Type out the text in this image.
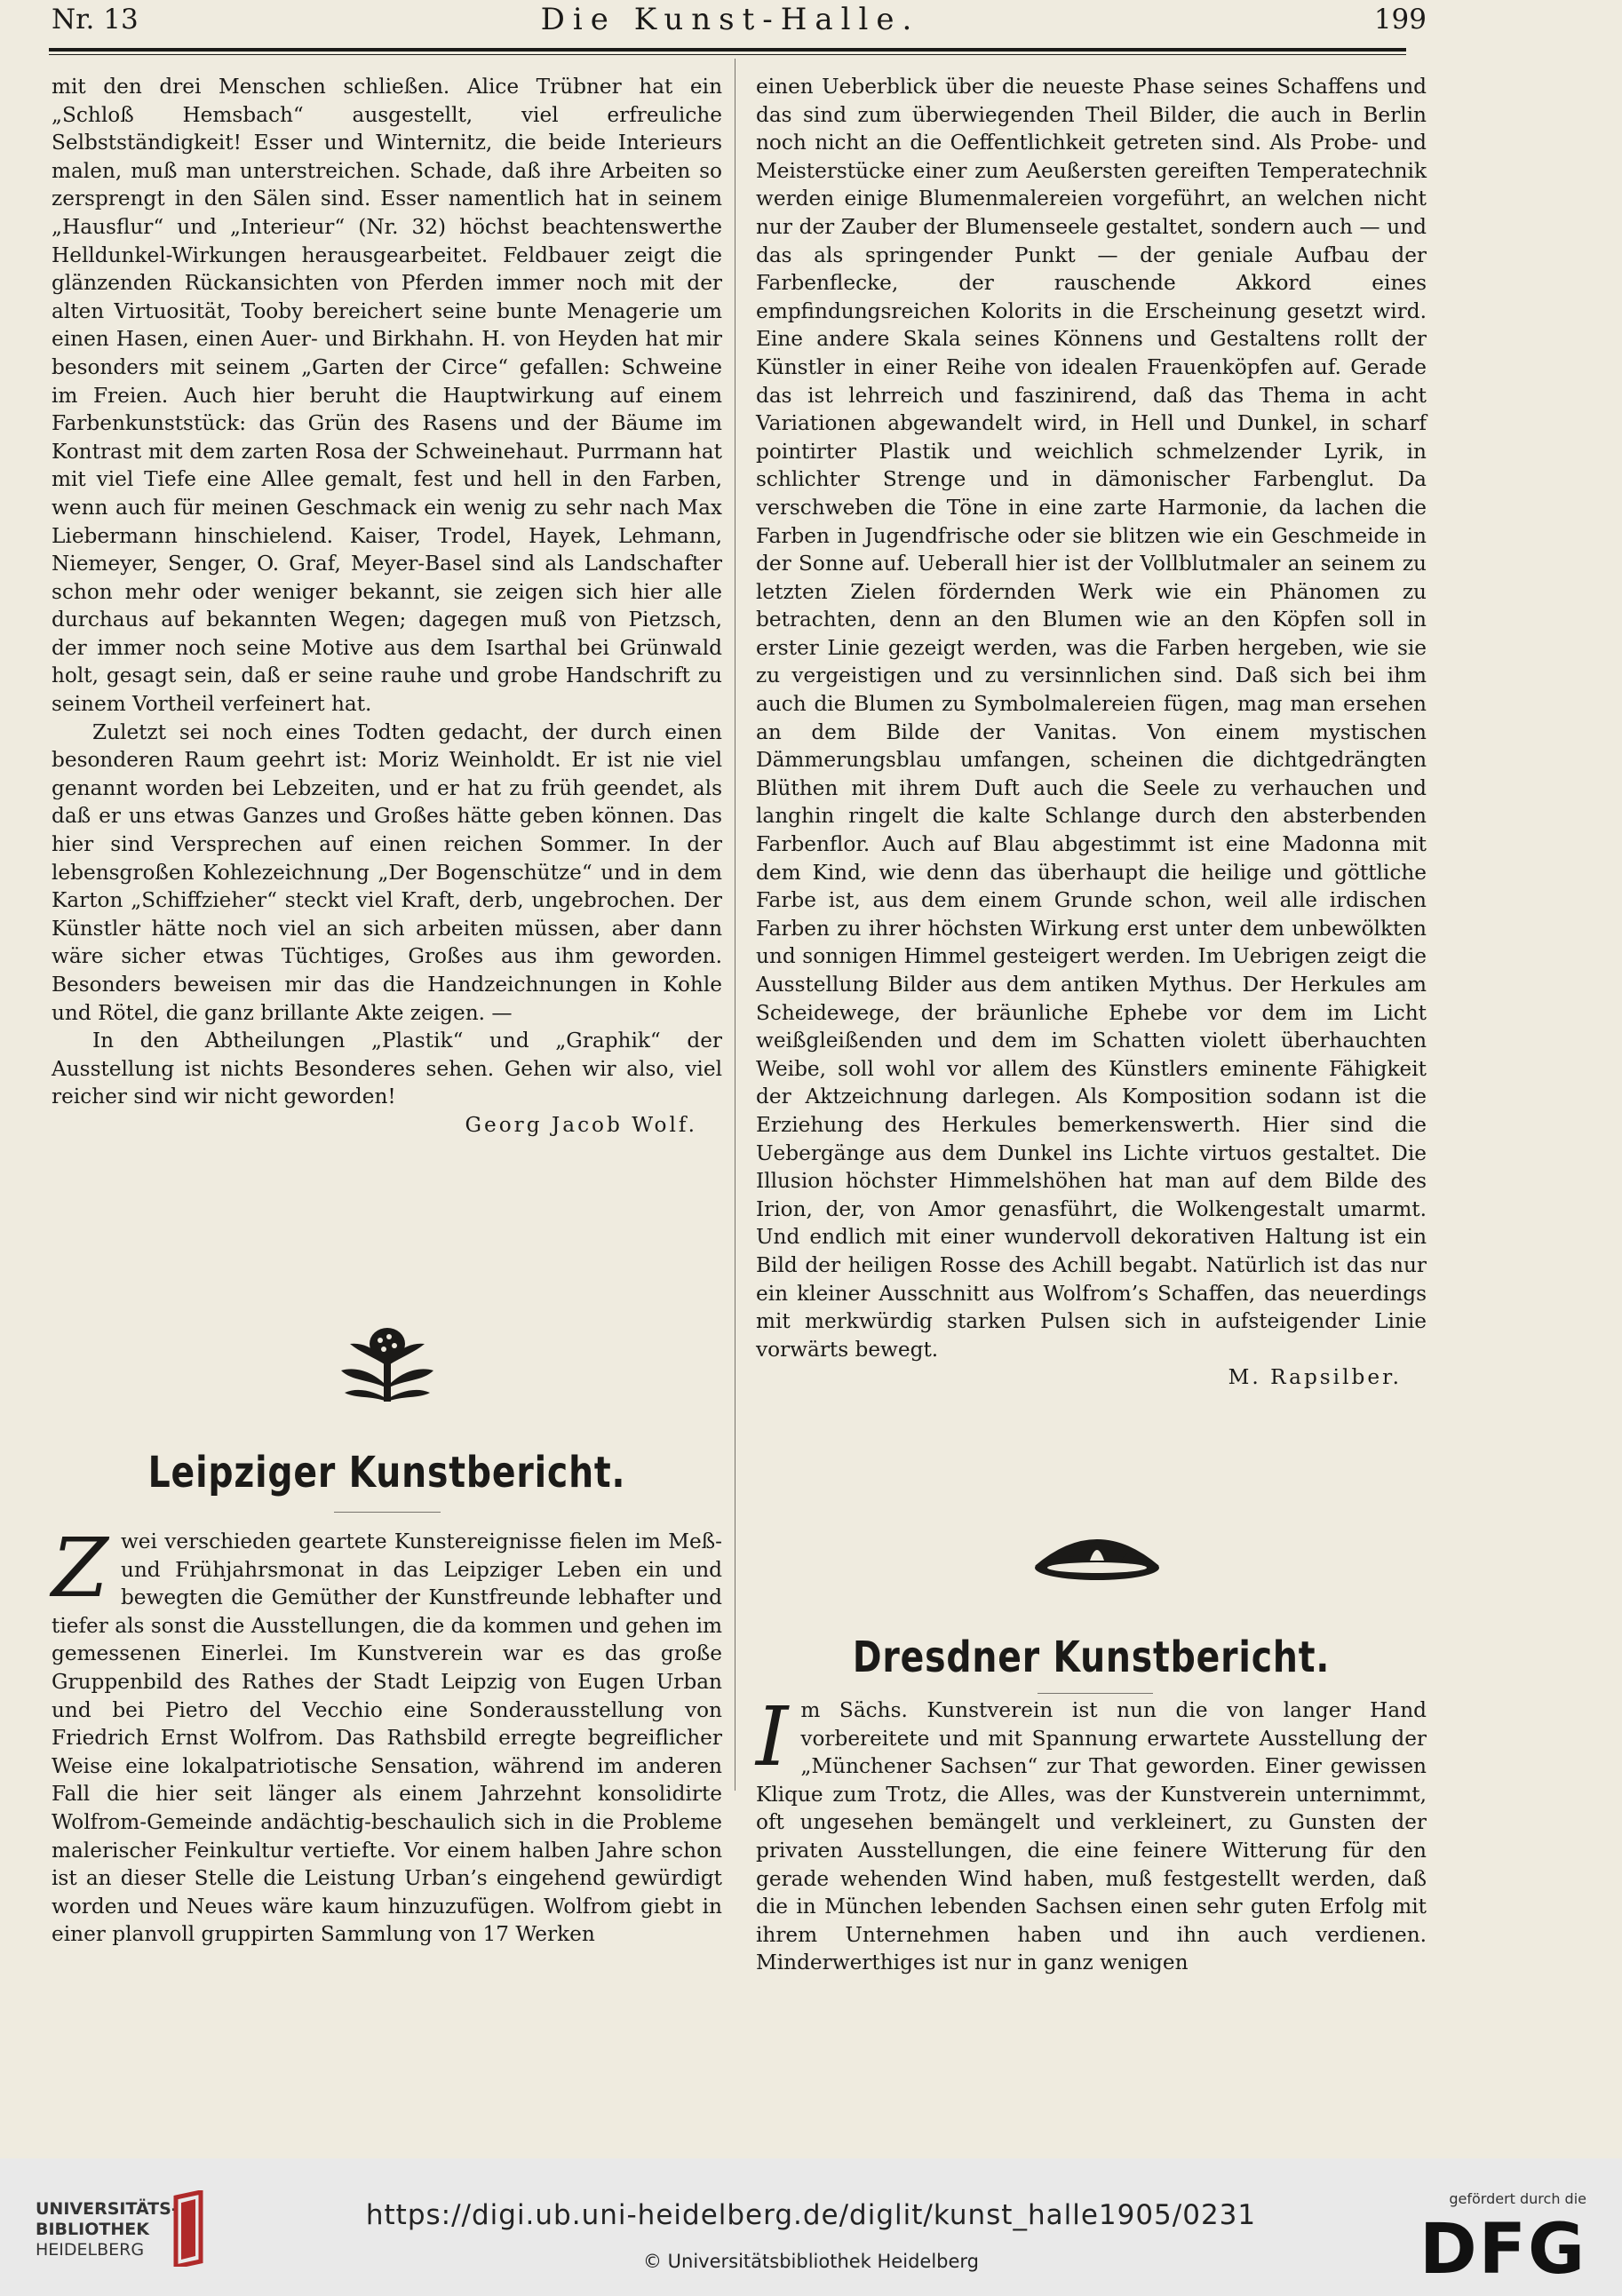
Nr. 13	Die Kunst-Halle.	199

mit den drei Menschen schließen. Alice Trübner hat ein „Schloß Hemsbach“ ausgestellt, viel erfreuliche Selbstständigkeit! Esser und Winternitz, die beide Interieurs malen, muß man unterstreichen. Schade, daß ihre Arbeiten so zersprengt in den Sälen sind. Esser namentlich hat in seinem „Hausflur“ und „Interieur“ (Nr. 32) höchst beachtenswerthe Helldunkel-Wirkungen herausgearbeitet. Feldbauer zeigt die glänzenden Rückansichten von Pferden immer noch mit der alten Virtuosität, Tooby bereichert seine bunte Menagerie um einen Hasen, einen Auer- und Birkhahn. H. von Heyden hat mir besonders mit seinem „Garten der Circe“ gefallen: Schweine im Freien. Auch hier beruht die Hauptwirkung auf einem Farbenkunststück: das Grün des Rasens und der Bäume im Kontrast mit dem zarten Rosa der Schweinehaut. Purrmann hat mit viel Tiefe eine Allee gemalt, fest und hell in den Farben, wenn auch für meinen Geschmack ein wenig zu sehr nach Max Liebermann hinschielend. Kaiser, Trodel, Hayek, Lehmann, Niemeyer, Senger, O. Graf, Meyer-Basel sind als Landschafter schon mehr oder weniger bekannt, sie zeigen sich hier alle durchaus auf bekannten Wegen; dagegen muß von Pietzsch, der immer noch seine Motive aus dem Isarthal bei Grünwald holt, gesagt sein, daß er seine rauhe und grobe Handschrift zu seinem Vortheil verfeinert hat.

Zuletzt sei noch eines Todten gedacht, der durch einen besonderen Raum geehrt ist: Moriz Weinholdt. Er ist nie viel genannt worden bei Lebzeiten, und er hat zu früh geendet, als daß er uns etwas Ganzes und Großes hätte geben können. Das hier sind Versprechen auf einen reichen Sommer. In der lebensgroßen Kohlezeichnung „Der Bogenschütze“ und in dem Karton „Schiffzieher“ steckt viel Kraft, derb, ungebrochen. Der Künstler hätte noch viel an sich arbeiten müssen, aber dann wäre sicher etwas Tüchtiges, Großes aus ihm geworden. Besonders beweisen mir das die Handzeichnungen in Kohle und Rötel, die ganz brillante Akte zeigen. —

In den Abtheilungen „Plastik“ und „Graphik“ der Ausstellung ist nichts Besonderes sehen. Gehen wir also, viel reicher sind wir nicht geworden!

Georg Jacob Wolf.

Leipziger Kunstbericht.

Z wei verschieden geartete Kunstereignisse fielen im Meß- und Frühjahrsmonat in das Leipziger Leben ein und bewegten die Gemüther der Kunstfreunde lebhafter und tiefer als sonst die Ausstellungen, die da kommen und gehen im gemessenen Einerlei. Im Kunstverein war es das große Gruppenbild des Rathes der Stadt Leipzig von Eugen Urban und bei Pietro del Vecchio eine Sonderausstellung von Friedrich Ernst Wolfrom. Das Rathsbild erregte begreiflicher Weise eine lokalpatriotische Sensation, während im anderen Fall die hier seit länger als einem Jahrzehnt konsolidirte Wolfrom-Gemeinde andächtig-beschaulich sich in die Probleme malerischer Feinkultur vertiefte. Vor einem halben Jahre schon ist an dieser Stelle die Leistung Urban’s eingehend gewürdigt worden und Neues wäre kaum hinzuzufügen. Wolfrom giebt in einer planvoll gruppirten Sammlung von 17 Werken

einen Ueberblick über die neueste Phase seines Schaffens und das sind zum überwiegenden Theil Bilder, die auch in Berlin noch nicht an die Oeffentlichkeit getreten sind. Als Probe- und Meisterstücke einer zum Aeußersten gereiften Temperatechnik werden einige Blumenmalereien vorgeführt, an welchen nicht nur der Zauber der Blumenseele gestaltet, sondern auch — und das als springender Punkt — der geniale Aufbau der Farbenflecke, der rauschende Akkord eines empfindungsreichen Kolorits in die Erscheinung gesetzt wird. Eine andere Skala seines Könnens und Gestaltens rollt der Künstler in einer Reihe von idealen Frauenköpfen auf. Gerade das ist lehrreich und faszinirend, daß das Thema in acht Variationen abgewandelt wird, in Hell und Dunkel, in scharf pointirter Plastik und weichlich schmelzender Lyrik, in schlichter Strenge und in dämonischer Farbenglut. Da verschweben die Töne in eine zarte Harmonie, da lachen die Farben in Jugendfrische oder sie blitzen wie ein Geschmeide in der Sonne auf. Ueberall hier ist der Vollblutmaler an seinem zu letzten Zielen fördernden Werk wie ein Phänomen zu betrachten, denn an den Blumen wie an den Köpfen soll in erster Linie gezeigt werden, was die Farben hergeben, wie sie zu vergeistigen und zu versinnlichen sind. Daß sich bei ihm auch die Blumen zu Symbolmalereien fügen, mag man ersehen an dem Bilde der Vanitas. Von einem mystischen Dämmerungsblau umfangen, scheinen die dichtgedrängten Blüthen mit ihrem Duft auch die Seele zu verhauchen und langhin ringelt die kalte Schlange durch den absterbenden Farbenflor. Auch auf Blau abgestimmt ist eine Madonna mit dem Kind, wie denn das überhaupt die heilige und göttliche Farbe ist, aus dem einem Grunde schon, weil alle irdischen Farben zu ihrer höchsten Wirkung erst unter dem unbewölkten und sonnigen Himmel gesteigert werden. Im Uebrigen zeigt die Ausstellung Bilder aus dem antiken Mythus. Der Herkules am Scheidewege, der bräunliche Ephebe vor dem im Licht weißgleißenden und dem im Schatten violett überhauchten Weibe, soll wohl vor allem des Künstlers eminente Fähigkeit der Aktzeichnung darlegen. Als Komposition sodann ist die Erziehung des Herkules bemerkenswerth. Hier sind die Uebergänge aus dem Dunkel ins Lichte virtuos gestaltet. Die Illusion höchster Himmelshöhen hat man auf dem Bilde des Irion, der, von Amor genasführt, die Wolkengestalt umarmt. Und endlich mit einer wundervoll dekorativen Haltung ist ein Bild der heiligen Rosse des Achill begabt. Natürlich ist das nur ein kleiner Ausschnitt aus Wolfrom’s Schaffen, das neuerdings mit merkwürdig starken Pulsen sich in aufsteigender Linie vorwärts bewegt.

M. Rapsilber.

Dresdner Kunstbericht.

I m Sächs. Kunstverein ist nun die von langer Hand vorbereitete und mit Spannung erwartete Ausstellung der „Münchener Sachsen“ zur That geworden. Einer gewissen Klique zum Trotz, die Alles, was der Kunstverein unternimmt, oft ungesehen bemängelt und verkleinert, zu Gunsten der privaten Ausstellungen, die eine feinere Witterung für den gerade wehenden Wind haben, muß festgestellt werden, daß die in München lebenden Sachsen einen sehr guten Erfolg mit ihrem Unternehmen haben und ihn auch verdienen. Minderwerthiges ist nur in ganz wenigen

UNIVERSITÄTS-
BIBLIOTHEK
HEIDELBERG
https://digi.ub.uni-heidelberg.de/diglit/kunst_halle1905/0231
© Universitätsbibliothek Heidelberg
gefördert durch die
DFG
